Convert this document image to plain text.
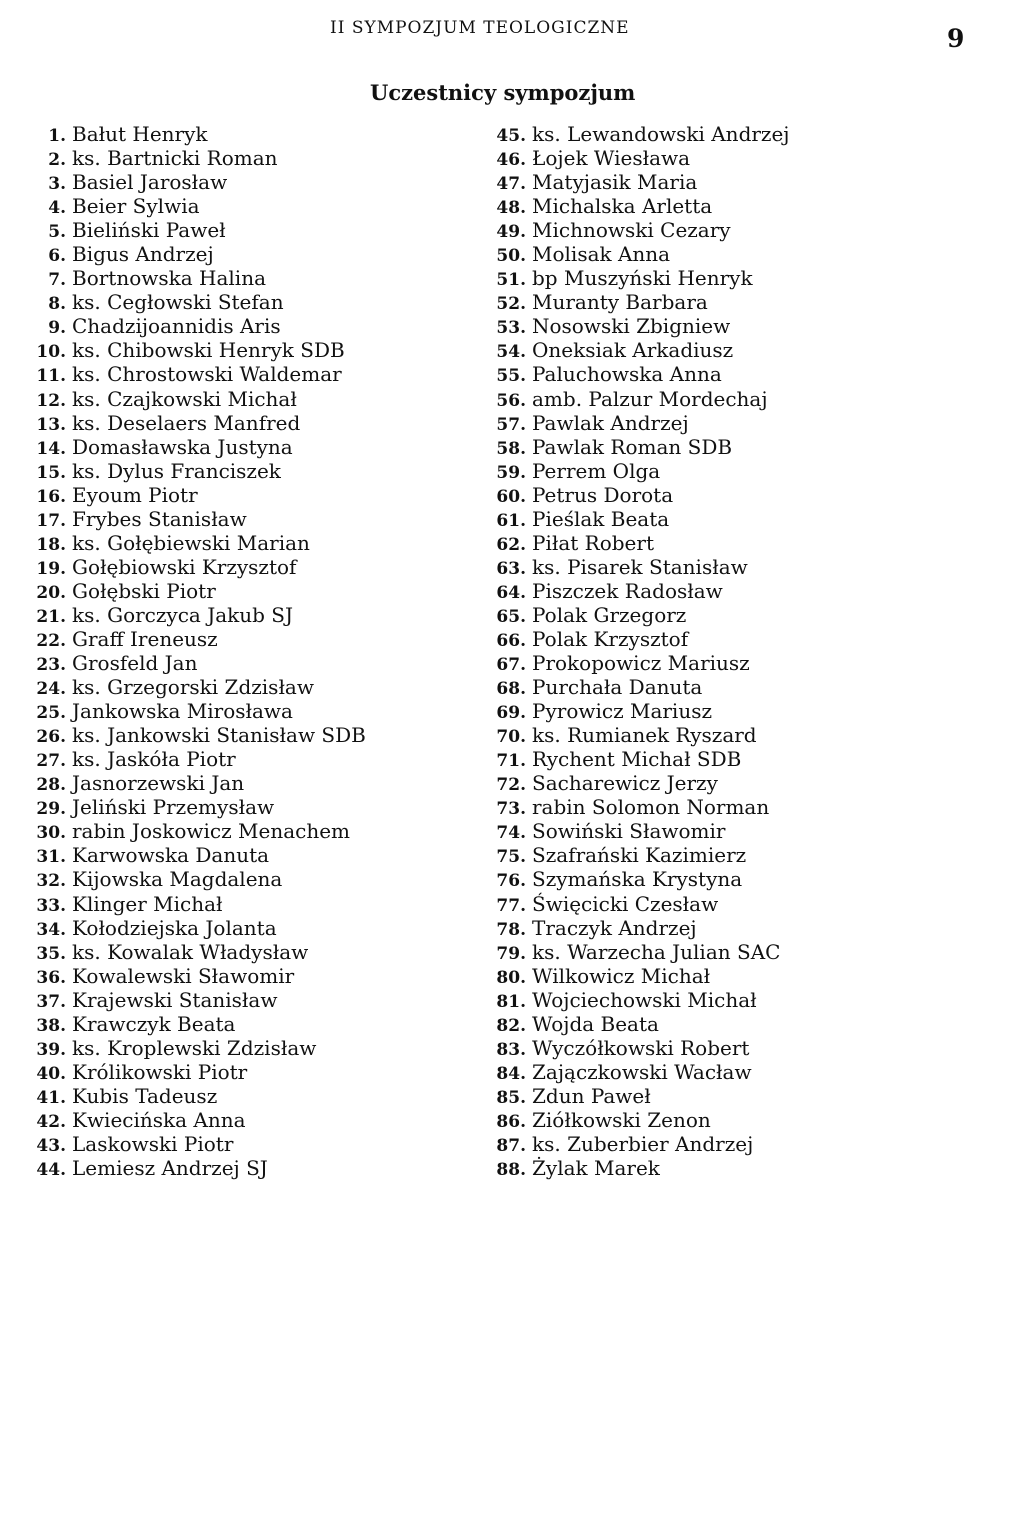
II SYMPOZJUM TEOLOGICZNE	9
Uczestnicy sympozjum
1. Bałut Henryk
2. ks. Bartnicki Roman
3. Basiel Jarosław
4. Beier Sylwia
5. Bieliński Paweł
6. Bigus Andrzej
7. Bortnowska Halina
8. ks. Cegłowski Stefan
9. Chadzijoannidis Aris
10. ks. Chibowski Henryk SDB
11. ks. Chrostowski Waldemar
12. ks. Czajkowski Michał
13. ks. Deselaers Manfred
14. Domasławska Justyna
15. ks. Dylus Franciszek
16. Eyoum Piotr
17. Frybes Stanisław
18. ks. Gołębiewski Marian
19. Gołębiowski Krzysztof
20. Gołębski Piotr
21. ks. Gorczyca Jakub SJ
22. Graff Ireneusz
23. Grosfeld Jan
24. ks. Grzegorski Zdzisław
25. Jankowska Mirosława
26. ks. Jankowski Stanisław SDB
27. ks. Jaskóła Piotr
28. Jasnorzewski Jan
29. Jeliński Przemysław
30. rabin Joskowicz Menachem
31. Karwowska Danuta
32. Kijowska Magdalena
33. Klinger Michał
34. Kołodziejska Jolanta
35. ks. Kowalak Władysław
36. Kowalewski Sławomir
37. Krajewski Stanisław
38. Krawczyk Beata
39. ks. Kroplewski Zdzisław
40. Królikowski Piotr
41. Kubis Tadeusz
42. Kwiecińska Anna
43. Laskowski Piotr
44. Lemiesz Andrzej SJ
45. ks. Lewandowski Andrzej
46. Łojek Wiesława
47. Matyjasik Maria
48. Michalska Arletta
49. Michnowski Cezary
50. Molisak Anna
51. bp Muszyński Henryk
52. Muranty Barbara
53. Nosowski Zbigniew
54. Oneksiak Arkadiusz
55. Paluchowska Anna
56. amb. Palzur Mordechaj
57. Pawlak Andrzej
58. Pawlak Roman SDB
59. Perrem Olga
60. Petrus Dorota
61. Pieślak Beata
62. Piłat Robert
63. ks. Pisarek Stanisław
64. Piszczek Radosław
65. Polak Grzegorz
66. Polak Krzysztof
67. Prokopowicz Mariusz
68. Purchała Danuta
69. Pyrowicz Mariusz
70. ks. Rumianek Ryszard
71. Rychent Michał SDB
72. Sacharewicz Jerzy
73. rabin Solomon Norman
74. Sowiński Sławomir
75. Szafrański Kazimierz
76. Szymańska Krystyna
77. Święcicki Czesław
78. Traczyk Andrzej
79. ks. Warzecha Julian SAC
80. Wilkowicz Michał
81. Wojciechowski Michał
82. Wojda Beata
83. Wyczółkowski Robert
84. Zajączkowski Wacław
85. Zdun Paweł
86. Ziółkowski Zenon
87. ks. Zuberbier Andrzej
88. Żylak Marek
